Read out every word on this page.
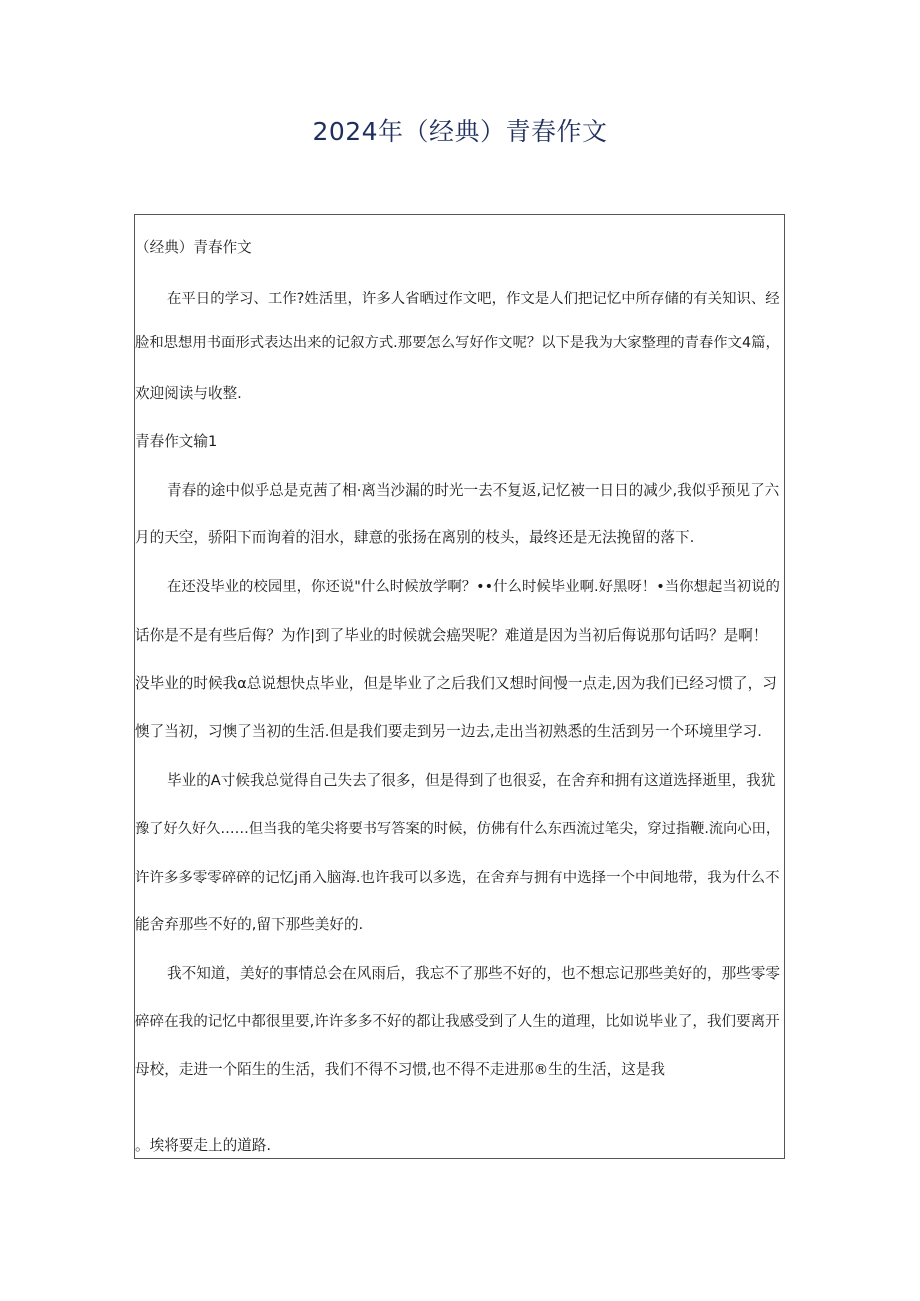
2024年（经典）青春作文
（经典）青春作文
在平日的学习、工作?姓活里，许多人省晒过作文吧，作文是人们把记忆中所存储的有关知识、经
脸和思想用书面形式表达出来的记叙方式.那要怎么写好作文呢？以下是我为大家整理的青春作文4篇，
欢迎阅读与收整.
青春作文输1
青春的途中似乎总是克茜了相·离当沙漏的时光一去不复返,记忆被一日日的减少,我似乎预见了六
月的天空，骄阳下而询着的泪水，肆意的张扬在离别的枝头，最终还是无法挽留的落下.
在还没毕业的校园里，你还说"什么时候放学啊？••什么时候毕业啊.好黑呀！•当你想起当初说的
话你是不是有些后侮？为作|到了毕业的时候就会癌哭呢？难道是因为当初后侮说那句话吗？是啊！
没毕业的时候我α总说想快点毕业，但是毕业了之后我们又想时间慢一点走,因为我们已经习惯了，习
懊了当初，习懊了当初的生活.但是我们要走到另一边去,走出当初熟悉的生活到另一个环境里学习.
毕业的A寸候我总觉得自己失去了很多，但是得到了也很妥，在舍弃和拥有这道选择逝里，我犹
豫了好久好久……但当我的笔尖将要书写答案的时候，仿佛有什么东西流过笔尖，穿过指鞭.流向心田，
许许多多零零碎碎的记忆j甬入脑海.也许我可以多选，在舍弃与拥有中选择一个中间地带，我为什么不
能舍弃那些不好的,留下那些美好的.
我不知道，美好的事情总会在风雨后，我忘不了那些不好的，也不想忘记那些美好的，那些零零
碎碎在我的记忆中都很里要,许许多多不好的都让我感受到了人生的道理，比如说毕业了，我们要离开
母校，走进一个陌生的生活，我们不得不习惯,也不得不走进那®生的生活，这是我
。埃将要走上的道路.
